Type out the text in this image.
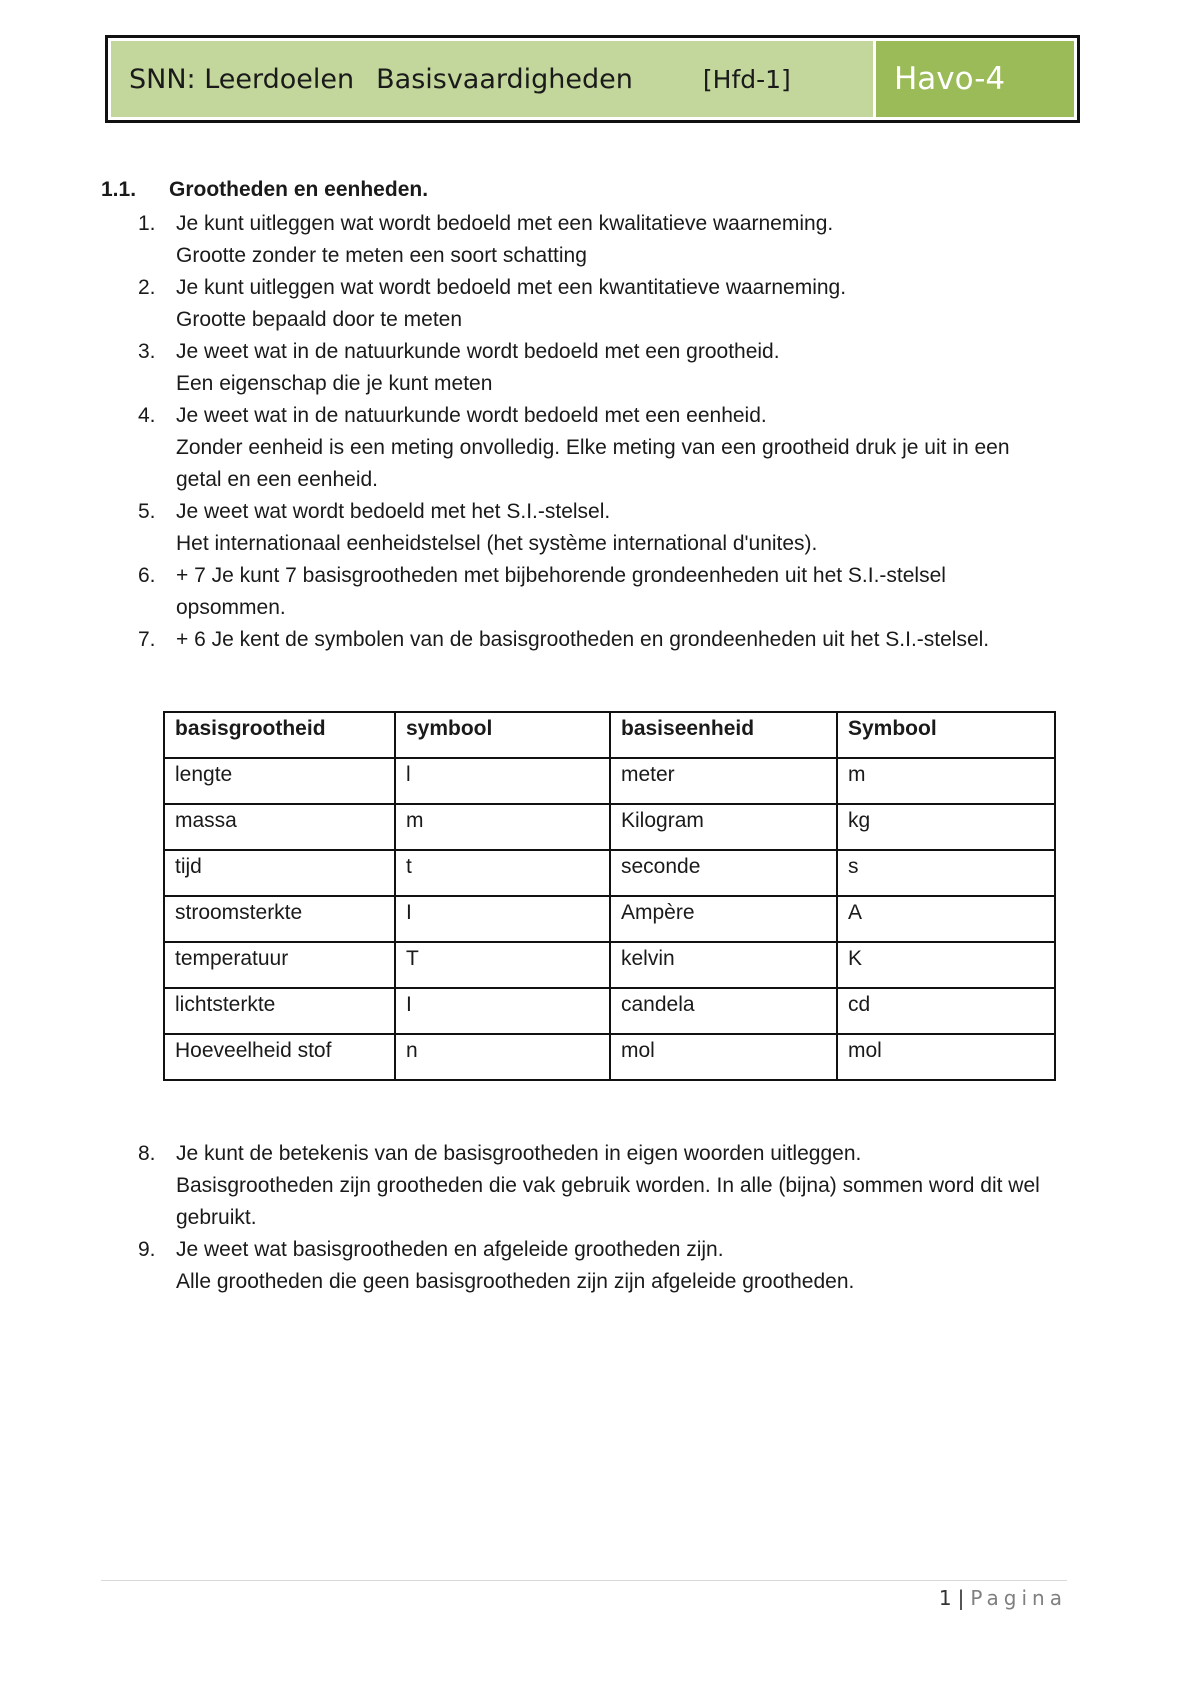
SNN: Leerdoelen Basisvaardigheden	[Hfd-1]	Havo-4
1.1. Grootheden en eenheden.
1. Je kunt uitleggen wat wordt bedoeld met een kwalitatieve waarneming.
Grootte zonder te meten een soort schatting
2. Je kunt uitleggen wat wordt bedoeld met een kwantitatieve waarneming.
Grootte bepaald door te meten
3. Je weet wat in de natuurkunde wordt bedoeld met een grootheid.
Een eigenschap die je kunt meten
4. Je weet wat in de natuurkunde wordt bedoeld met een eenheid.
Zonder eenheid is een meting onvolledig. Elke meting van een grootheid druk je uit in een getal en een eenheid.
5. Je weet wat wordt bedoeld met het S.I.-stelsel.
Het internationaal eenheidstelsel (het système international d'unites).
6. + 7 Je kunt 7 basisgrootheden met bijbehorende grondeenheden uit het S.I.-stelsel opsommen.
7. + 6 Je kent de symbolen van de basisgrootheden en grondeenheden uit het S.I.-stelsel.
basisgrootheid	symbool	basiseenheid	Symbool
lengte	l	meter	m
massa	m	Kilogram	kg
tijd	t	seconde	s
stroomsterkte	I	Ampère	A
temperatuur	T	kelvin	K
lichtsterkte	I	candela	cd
Hoeveelheid stof	n	mol	mol
8. Je kunt de betekenis van de basisgrootheden in eigen woorden uitleggen.
Basisgrootheden zijn grootheden die vak gebruik worden. In alle (bijna) sommen word dit wel gebruikt.
9. Je weet wat basisgrootheden en afgeleide grootheden zijn.
Alle grootheden die geen basisgrootheden zijn zijn afgeleide grootheden.
1 | Pagina
